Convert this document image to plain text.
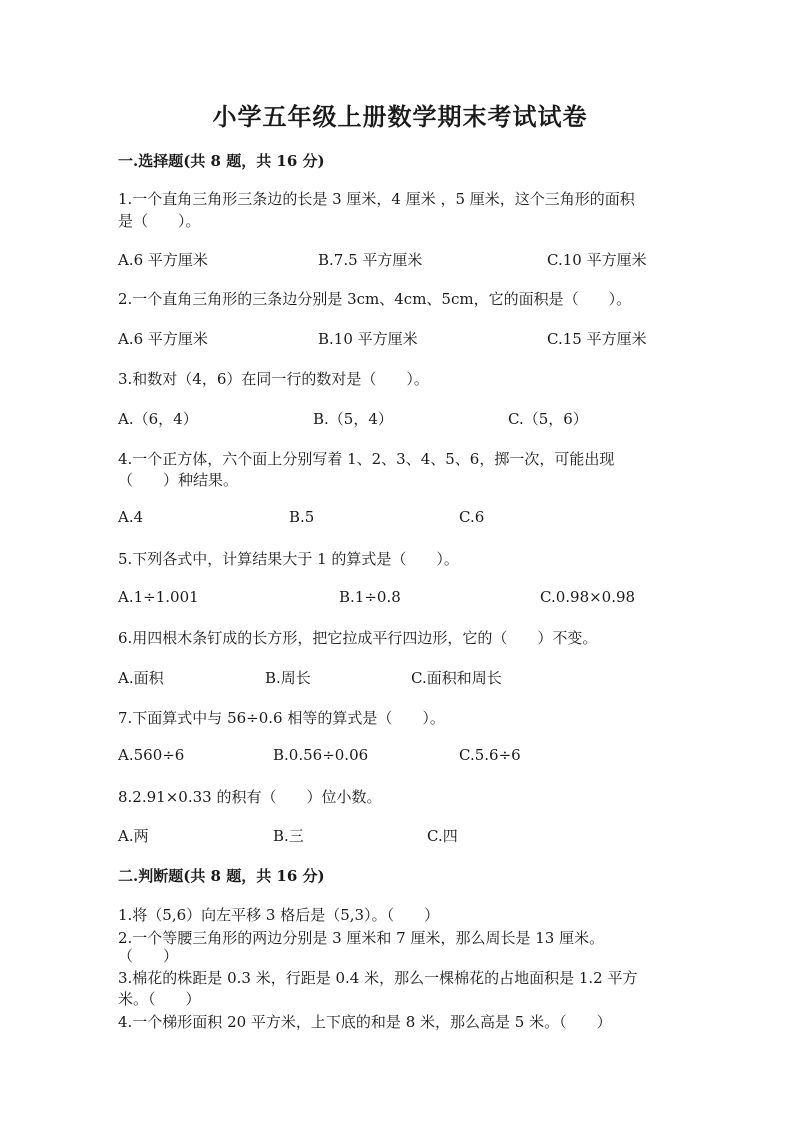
小学五年级上册数学期末考试试卷
一.选择题(共 8 题，共 16 分)
1.一个直角三角形三条边的长是 3 厘米，4 厘米 ，5 厘米，这个三角形的面积
是（　　）。
A.6 平方厘米	B.7.5 平方厘米	C.10 平方厘米
2.一个直角三角形的三条边分别是 3cm、4cm、5cm，它的面积是（　　）。
A.6 平方厘米	B.10 平方厘米	C.15 平方厘米
3.和数对（4，6）在同一行的数对是（　　）。
A.（6，4）	B.（5，4）	C.（5，6）
4.一个正方体，六个面上分别写着 1、2、3、4、5、6，掷一次，可能出现
（　　）种结果。
A.4	B.5	C.6
5.下列各式中，计算结果大于 1 的算式是（　　）。
A.1÷1.001	B.1÷0.8	C.0.98×0.98
6.用四根木条钉成的长方形，把它拉成平行四边形，它的（　　）不变。
A.面积	B.周长	C.面积和周长
7.下面算式中与 56÷0.6 相等的算式是（　　）。
A.560÷6	B.0.56÷0.06	C.5.6÷6
8.2.91×0.33 的积有（　　）位小数。
A.两	B.三	C.四
二.判断题(共 8 题，共 16 分)
1.将（5,6）向左平移 3 格后是（5,3）。（　　）
2.一个等腰三角形的两边分别是 3 厘米和 7 厘米，那么周长是 13 厘米。
（　　）
3.棉花的株距是 0.3 米，行距是 0.4 米，那么一棵棉花的占地面积是 1.2 平方
米。（　　）
4.一个梯形面积 20 平方米，上下底的和是 8 米，那么高是 5 米。（　　）
